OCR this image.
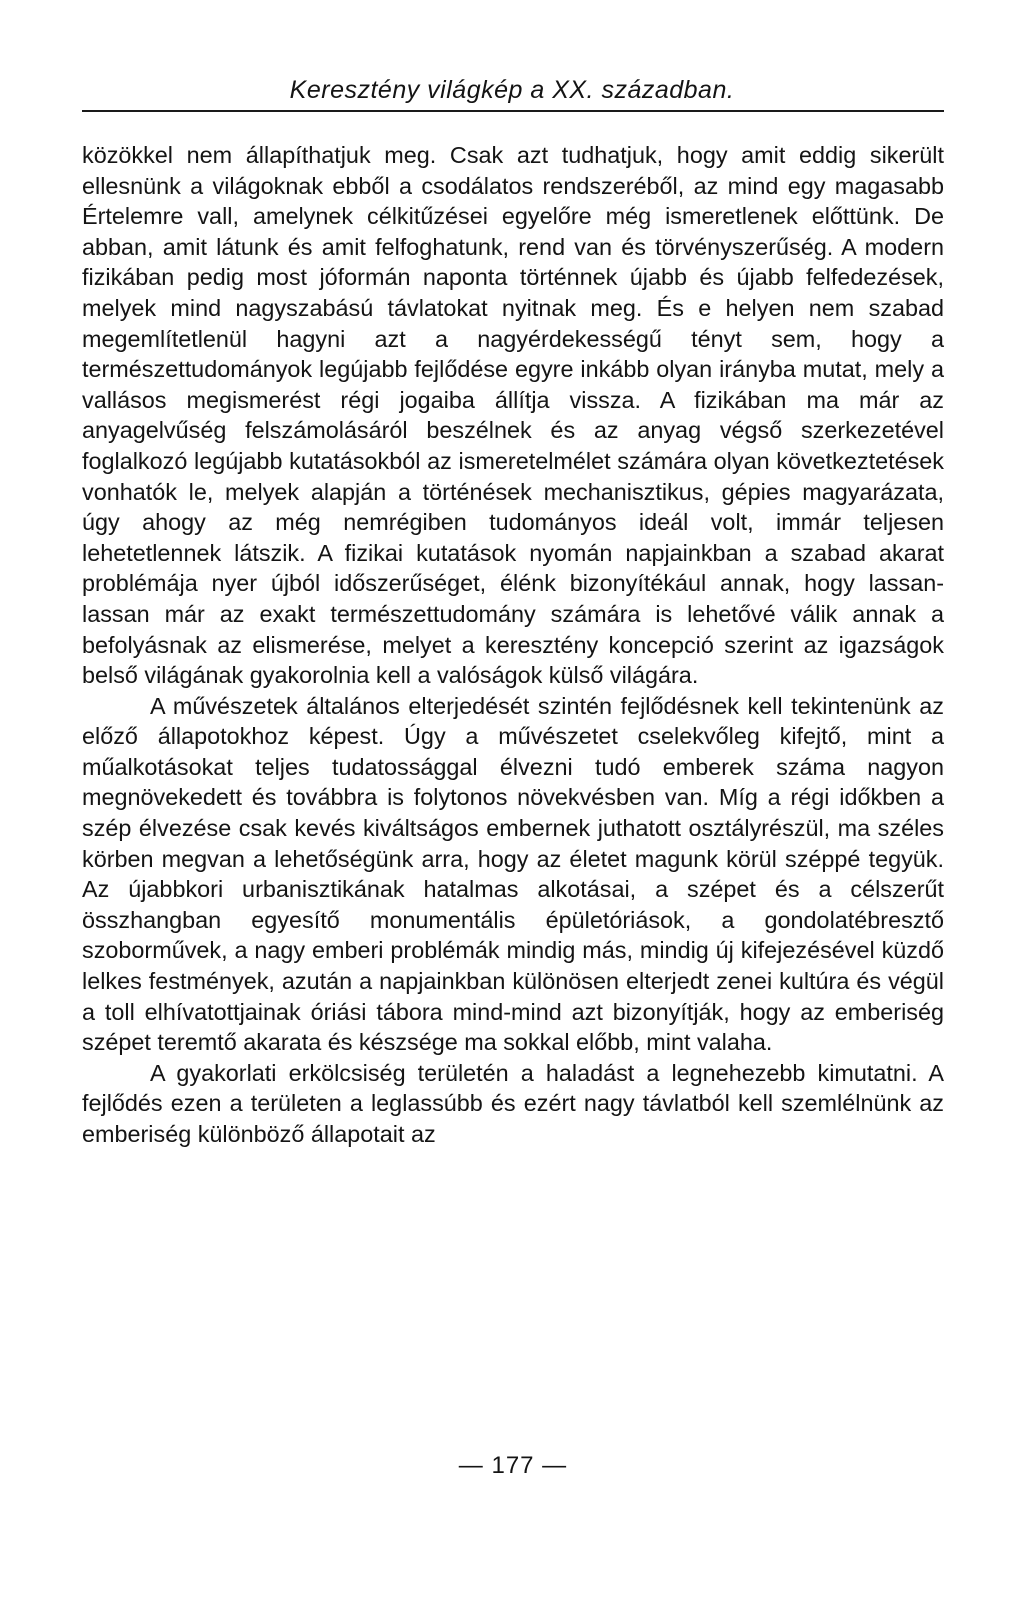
Keresztény világkép a XX. században.

közökkel nem állapíthatjuk meg. Csak azt tudhatjuk, hogy amit eddig sikerült ellesnünk a világoknak ebből a csodálatos rendszeréből, az mind egy magasabb Értelemre vall, amelynek célkitűzései egyelőre még ismeretlenek előttünk. De abban, amit látunk és amit felfoghatunk, rend van és törvényszerűség. A modern fizikában pedig most jóformán naponta történnek újabb és újabb felfedezések, melyek mind nagyszabású távlatokat nyitnak meg. És e helyen nem szabad megemlítetlenül hagyni azt a nagyérdekességű tényt sem, hogy a természettudományok legújabb fejlődése egyre inkább olyan irányba mutat, mely a vallásos megismerést régi jogaiba állítja vissza. A fizikában ma már az anyagelvűség felszámolásáról beszélnek és az anyag végső szerkezetével foglalkozó legújabb kutatásokból az ismeretelmélet számára olyan következtetések vonhatók le, melyek alapján a történések mechanisztikus, gépies magyarázata, úgy ahogy az még nemrégiben tudományos ideál volt, immár teljesen lehetetlennek látszik. A fizikai kutatások nyomán napjainkban a szabad akarat problémája nyer újból időszerűséget, élénk bizonyítékául annak, hogy lassan-lassan már az exakt természettudomány számára is lehetővé válik annak a befolyásnak az elismerése, melyet a keresztény koncepció szerint az igazságok belső világának gyakorolnia kell a valóságok külső világára.

A művészetek általános elterjedését szintén fejlődésnek kell tekintenünk az előző állapotokhoz képest. Úgy a művészetet cselekvőleg kifejtő, mint a műalkotásokat teljes tudatossággal élvezni tudó emberek száma nagyon megnövekedett és továbbra is folytonos növekvésben van. Míg a régi időkben a szép élvezése csak kevés kiváltságos embernek juthatott osztályrészül, ma széles körben megvan a lehetőségünk arra, hogy az életet magunk körül széppé tegyük. Az újabbkori urbanisztikának hatalmas alkotásai, a szépet és a célszerűt összhangban egyesítő monumentális épületóriások, a gondolatébresztő szoborművek, a nagy emberi problémák mindig más, mindig új kifejezésével küzdő lelkes festmények, azután a napjainkban különösen elterjedt zenei kultúra és végül a toll elhívatottjainak óriási tábora mind-mind azt bizonyítják, hogy az emberiség szépet teremtő akarata és készsége ma sokkal előbb, mint valaha.

A gyakorlati erkölcsiség területén a haladást a legnehezebb kimutatni. A fejlődés ezen a területen a leglassúbb és ezért nagy távlatból kell szemlélnünk az emberiség különböző állapotait az

— 177 —
